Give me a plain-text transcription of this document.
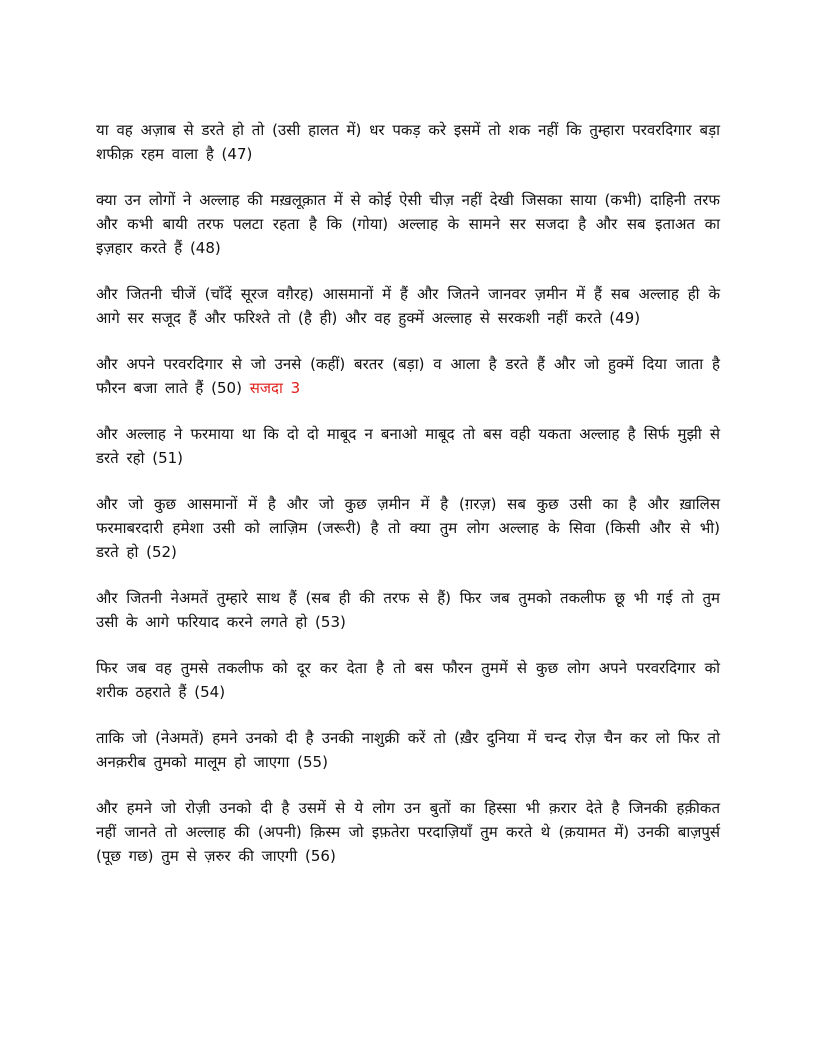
या वह अज़ाब से डरते हो तो (उसी हालत में) धर पकड़ करे इसमें तो शक नहीं कि तुम्हारा परवरदिगार बड़ा शफीक़ रहम वाला है (47)

क्या उन लोगों ने अल्लाह की मख़लूक़ात में से कोई ऐसी चीज़ नहीं देखी जिसका साया (कभी) दाहिनी तरफ और कभी बायी तरफ पलटा रहता है कि (गोया) अल्लाह के सामने सर सजदा है और सब इताअत का इज़हार करते हैं (48)

और जितनी चीजें (चाँदें सूरज वग़ैरह) आसमानों में हैं और जितने जानवर ज़मीन में हैं सब अल्लाह ही के आगे सर सजूद हैं और फरिश्ते तो (है ही) और वह हुक्में अल्लाह से सरकशी नहीं करते (49)

और अपने परवरदिगार से जो उनसे (कहीं) बरतर (बड़ा) व आला है डरते हैं और जो हुक्में दिया जाता है फौरन बजा लाते हैं (50) सजदा 3

और अल्लाह ने फरमाया था कि दो दो माबूद न बनाओ माबूद तो बस वही यकता अल्लाह है सिर्फ मुझी से डरते रहो (51)

और जो कुछ आसमानों में है और जो कुछ ज़मीन में है (ग़रज़) सब कुछ उसी का है और ख़ालिस फरमाबरदारी हमेशा उसी को लाज़िम (जरूरी) है तो क्या तुम लोग अल्लाह के सिवा (किसी और से भी) डरते हो (52)

और जितनी नेअमतें तुम्हारे साथ हैं (सब ही की तरफ से हैं) फिर जब तुमको तकलीफ छू भी गई तो तुम उसी के आगे फरियाद करने लगते हो (53)

फिर जब वह तुमसे तकलीफ को दूर कर देता है तो बस फौरन तुममें से कुछ लोग अपने परवरदिगार को शरीक ठहराते हैं (54)

ताकि जो (नेअमतें) हमने उनको दी है उनकी नाशुक्री करें तो (ख़ैर दुनिया में चन्द रोज़ चैन कर लो फिर तो अनक़रीब तुमको मालूम हो जाएगा (55)

और हमने जो रोज़ी उनको दी है उसमें से ये लोग उन बुतों का हिस्सा भी क़रार देते है जिनकी हक़ीकत नहीं जानते तो अल्लाह की (अपनी) क़िस्म जो इफ़तेरा परदाज़ियाँ तुम करते थे (क़यामत में) उनकी बाज़पुर्स (पूछ गछ) तुम से ज़रुर की जाएगी (56)
